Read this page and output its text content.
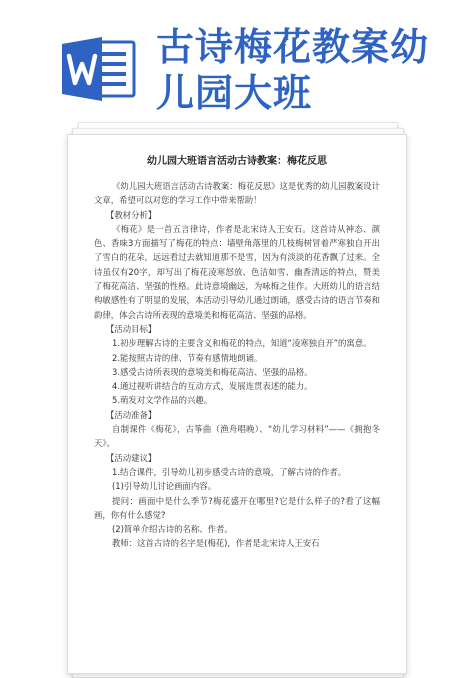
古诗梅花教案幼儿园大班
幼儿园大班语言活动古诗教案：梅花反思

《幼儿园大班语言活动古诗教案：梅花反思》这是优秀的幼儿园教案设计文章，希望可以对您的学习工作中带来帮助！

【教材分析】

《梅花》是一首五言律诗，作者是北宋诗人王安石。这首诗从神态、颜色、香味3方面描写了梅花的特点：墙壁角落里的几枝梅树冒着严寒独自开出了雪白的花朵，远远看过去就知道那不是雪，因为有淡淡的花香飘了过来。全诗虽仅有20字，却写出了梅花凌寒怒放、色洁如雪、幽香清远的特点，赞美了梅花高洁、坚强的性格。此诗意境幽远，为咏梅之佳作。大班幼儿的语言结构敏感性有了明显的发展，本活动引导幼儿通过朗诵，感受古诗的语言节奏和韵律，体会古诗所表现的意境美和梅花高洁、坚强的品格。

【活动目标】

1.初步理解古诗的主要含义和梅花的特点，知道“凌寒独自开”的寓意。

2.能按照古诗的律、节奏有感情地朗诵。

3.感受古诗所表现的意境美和梅花高洁、坚强的品格。

4.通过视听讲结合的互动方式，发展连贯表述的能力。

5.萌发对文学作品的兴趣。

【活动准备】

自制课件《梅花》，古筝曲（渔舟唱晚）、“幼儿学习材料”——《拥抱冬天》。

【活动建议】

1.结合课件，引导幼儿初步感受古诗的意境，了解古诗的作者。

(1)引导幼儿讨论画面内容。

提问：画面中是什么季节?梅花盛开在哪里?它是什么样子的?看了这幅画，你有什么感觉?

(2)简单介绍古诗的名称、作者。

教师：这首古诗的名字是(梅花)，作者是北宋诗人王安石
